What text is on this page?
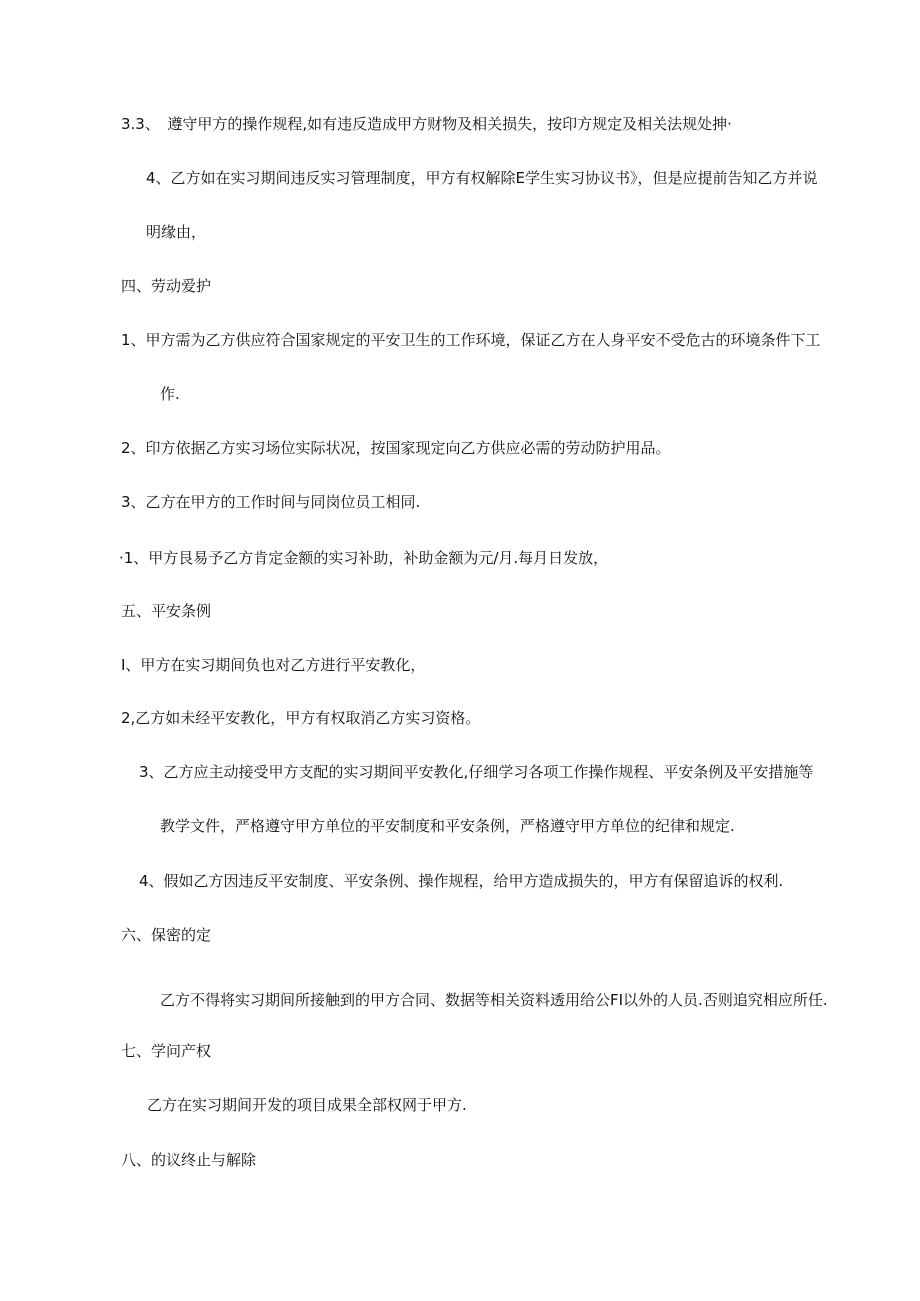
3.3、　遵守甲方的操作规程,如有违反造成甲方财物及相关损失，按印方规定及相关法规处抻·
4、乙方如在实习期间违反实习管理制度，甲方有权解除E学生实习协议书》，但是应提前告知乙方并说
明缘由，
四、劳动爱护
1、甲方需为乙方供应符合国家规定的平安卫生的工作环境，保证乙方在人身平安不受危古的环境条件下工
作.
2、印方依据乙方实习场位实际状况，按国家现定向乙方供应必需的劳动防护用品。
3、乙方在甲方的工作时间与同岗位员工相同.
·1、甲方艮易予乙方肯定金额的实习补助，补助金额为元/月.每月日发放，
五、平安条例
I、甲方在实习期间负也对乙方进行平安教化，
2,乙方如未经平安教化，甲方有权取消乙方实习资格。
3、乙方应主动接受甲方支配的实习期间平安教化,仔细学习各项工作操作规程、平安条例及平安措施等
教学文件，严格遵守甲方单位的平安制度和平安条例，严格遵守甲方单位的纪律和规定.
4、假如乙方因违反平安制度、平安条例、操作规程，给甲方造成损失的，甲方有保留追诉的权利.
六、保密的定
乙方不得将实习期间所接触到的甲方合同、数据等相关资料透用给公FI以外的人员.否则追究相应所任.
七、学问产权
乙方在实习期间开发的项目成果全部权网于甲方.
八、的议终止与解除
